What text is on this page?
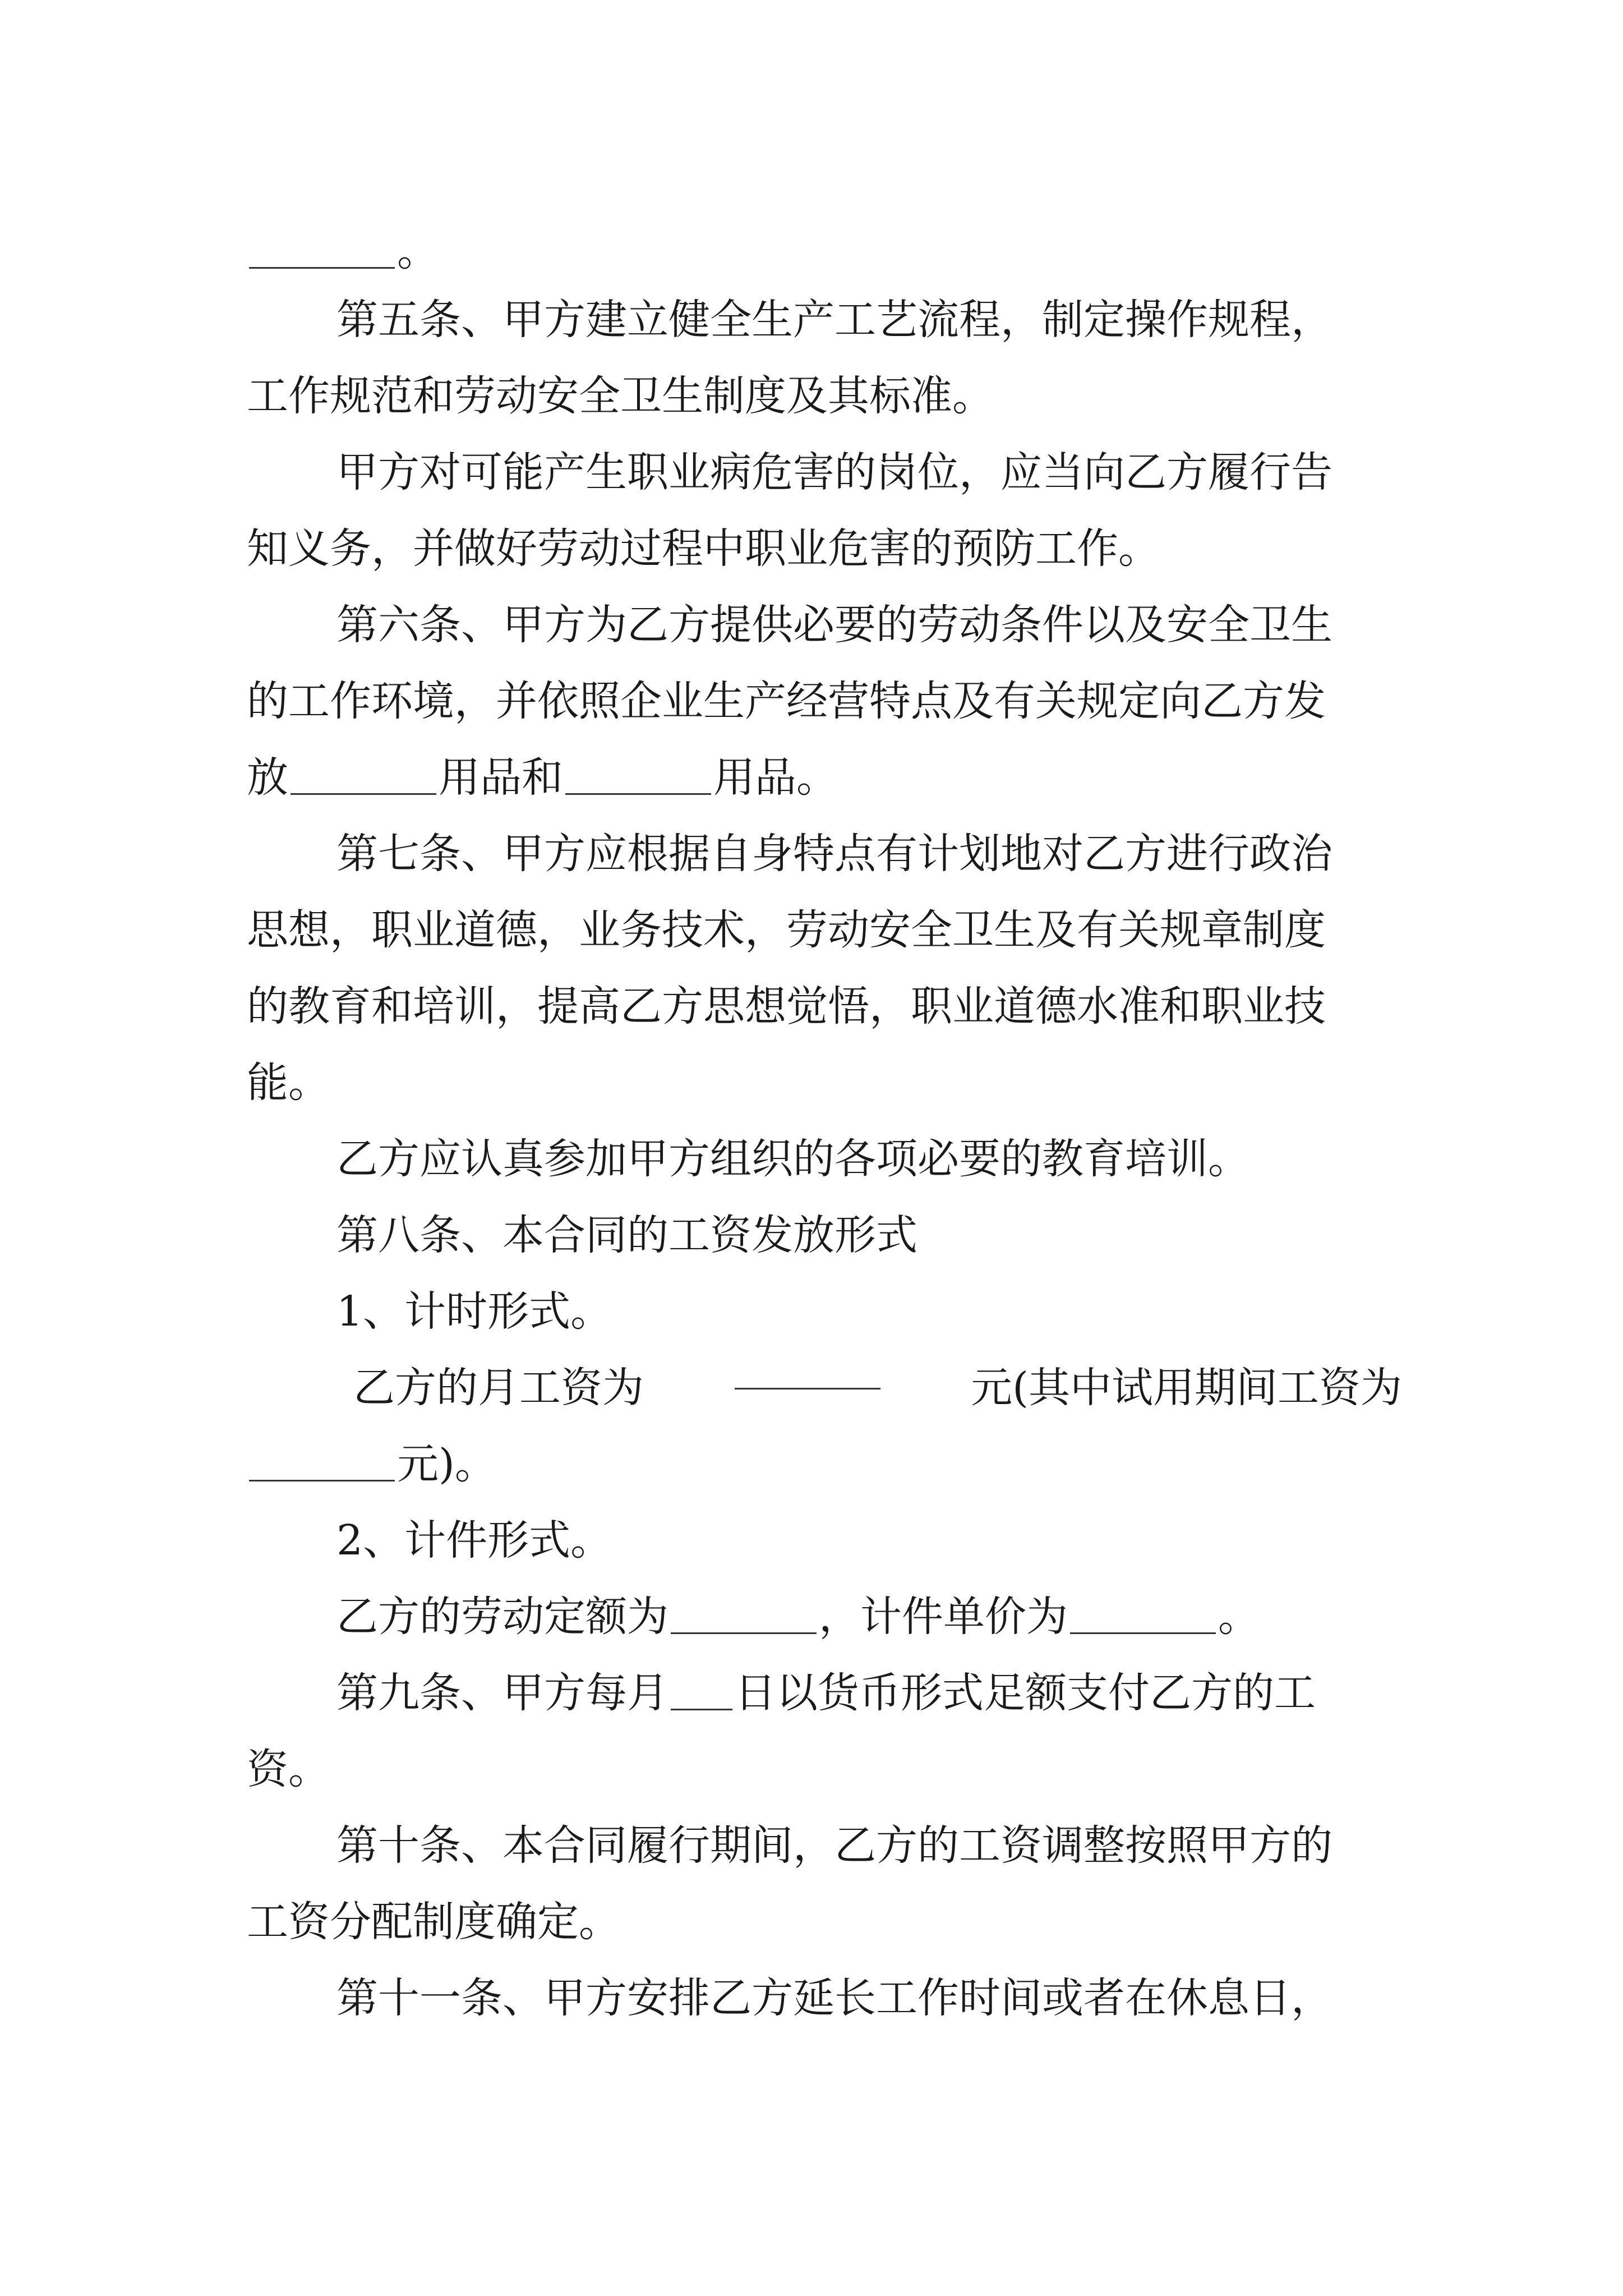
。
第五条、甲方建立健全生产工艺流程，制定操作规程，
工作规范和劳动安全卫生制度及其标准。
甲方对可能产生职业病危害的岗位，应当向乙方履行告
知义务，并做好劳动过程中职业危害的预防工作。
第六条、甲方为乙方提供必要的劳动条件以及安全卫生
的工作环境，并依照企业生产经营特点及有关规定向乙方发
放	用品和	用品。
第七条、甲方应根据自身特点有计划地对乙方进行政治
思想，职业道德，业务技术，劳动安全卫生及有关规章制度
的教育和培训，提高乙方思想觉悟，职业道德水准和职业技
能。
乙方应认真参加甲方组织的各项必要的教育培训。
第八条、本合同的工资发放形式
1、计时形式。
乙方的月工资为	元(其中试用期间工资为
元)。
2、计件形式。
乙方的劳动定额为	，计件单价为	。
第九条、甲方每月 日以货币形式足额支付乙方的工
资。
第十条、本合同履行期间，乙方的工资调整按照甲方的
工资分配制度确定。
第十一条、甲方安排乙方延长工作时间或者在休息日，
